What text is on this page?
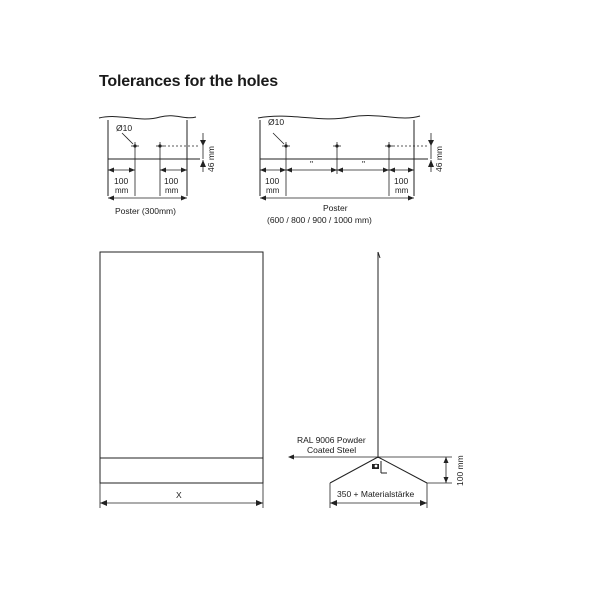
Tolerances for the holes
Ø10
46 mm
100
mm
100
mm
Poster (300mm)
Ø10
46 mm
"	"
100
mm
100
mm
Poster
(600 / 800 / 900 / 1000 mm)
X
RAL 9006 Powder
Coated Steel
100 mm
350 + Materialstärke
